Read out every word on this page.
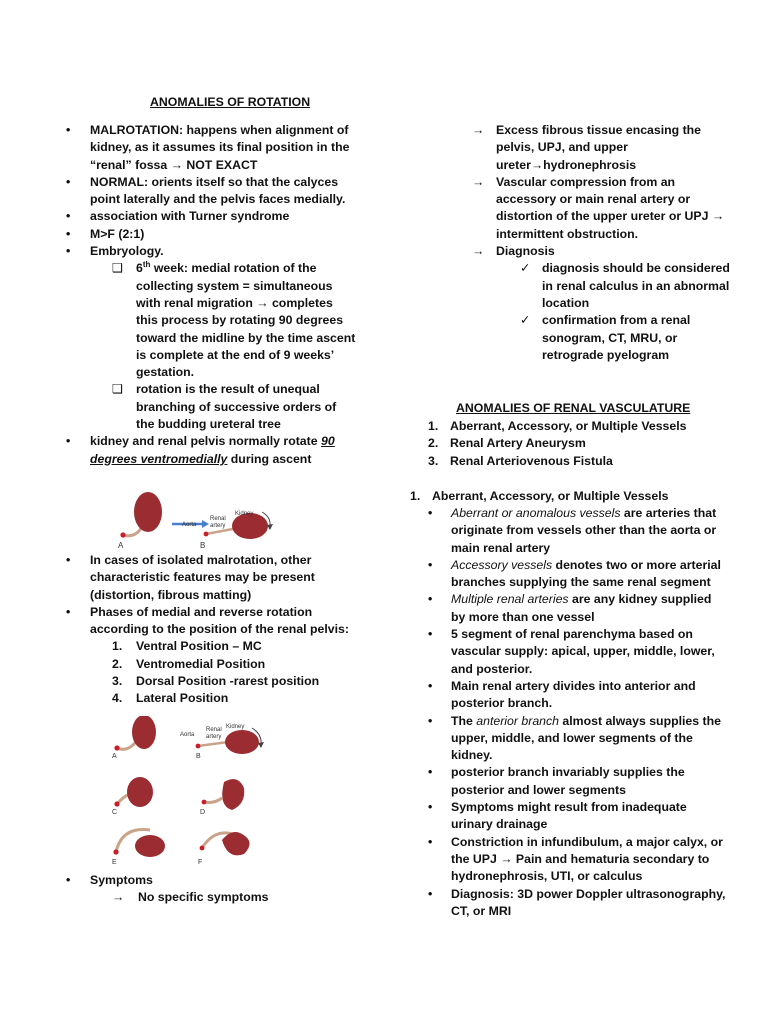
ANOMALIES OF ROTATION
• MALROTATION: happens when alignment of kidney, as it assumes its final position in the “renal” fossa → NOT EXACT
• NORMAL: orients itself so that the calyces point laterally and the pelvis faces medially.
• association with Turner syndrome
• M>F (2:1)
• Embryology.
❑ 6th week: medial rotation of the collecting system = simultaneous with renal migration → completes this process by rotating 90 degrees toward the midline by the time ascent is complete at the end of 9 weeks’ gestation.
❑ rotation is the result of unequal branching of successive orders of the budding ureteral tree
• kidney and renal pelvis normally rotate 90 degrees ventromedially during ascent
A	B
Aorta
Renal
artery
Kidney
• In cases of isolated malrotation, other characteristic features may be present (distortion, fibrous matting)
• Phases of medial and reverse rotation according to the position of the renal pelvis:
1. Ventral Position – MC
2. Ventromedial Position
3. Dorsal Position -rarest position
4. Lateral Position
A
Aorta
Renal
artery
Kidney
B
C	D
E	F
• Symptoms
→ No specific symptoms
→ Excess fibrous tissue encasing the pelvis, UPJ, and upper ureter→hydronephrosis
→ Vascular compression from an accessory or main renal artery or distortion of the upper ureter or UPJ → intermittent obstruction.
→ Diagnosis
✓ diagnosis should be considered in renal calculus in an abnormal location
✓ confirmation from a renal sonogram, CT, MRU, or retrograde pyelogram
ANOMALIES OF RENAL VASCULATURE
1. Aberrant, Accessory, or Multiple Vessels
2. Renal Artery Aneurysm
3. Renal Arteriovenous Fistula
1. Aberrant, Accessory, or Multiple Vessels
• Aberrant or anomalous vessels are arteries that originate from vessels other than the aorta or main renal artery
• Accessory vessels denotes two or more arterial branches supplying the same renal segment
• Multiple renal arteries are any kidney supplied by more than one vessel
• 5 segment of renal parenchyma based on vascular supply: apical, upper, middle, lower, and posterior.
• Main renal artery divides into anterior and posterior branch.
• The anterior branch almost always supplies the upper, middle, and lower segments of the kidney.
• posterior branch invariably supplies the posterior and lower segments
• Symptoms might result from inadequate urinary drainage
• Constriction in infundibulum, a major calyx, or the UPJ → Pain and hematuria secondary to hydronephrosis, UTI, or calculus
• Diagnosis: 3D power Doppler ultrasonography, CT, or MRI
